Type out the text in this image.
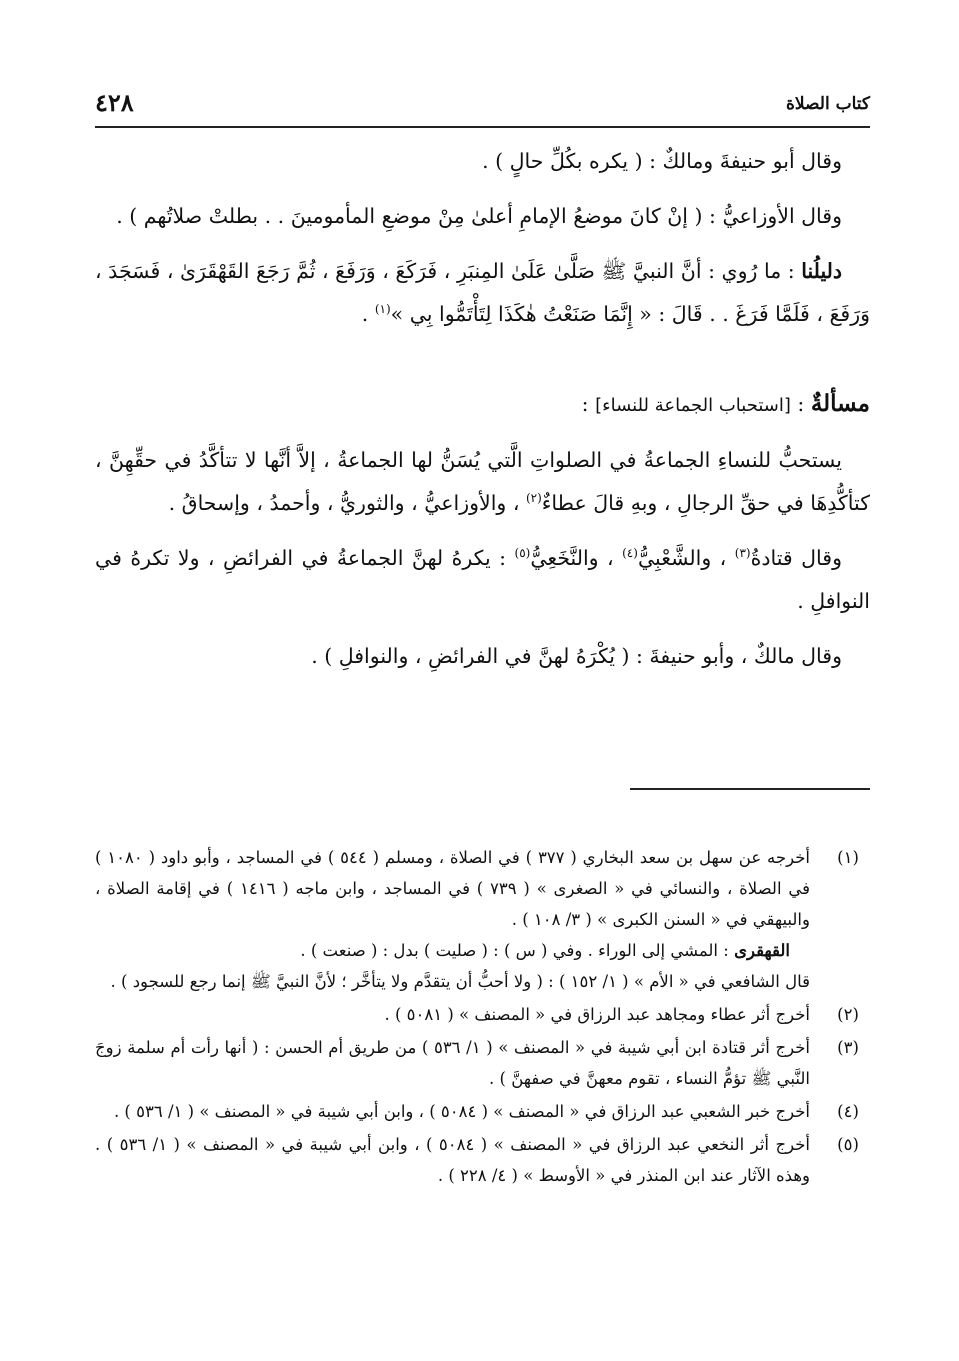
كتاب الصلاة
٤٢٨

وقال أبو حنيفةَ ومالكٌ : ( يكره بكُلِّ حالٍ ) .

وقال الأوزاعيُّ : ( إنْ كانَ موضعُ الإمامِ أعلىٰ مِنْ موضعِ المأمومينَ . . بطلتْ صلاتُهم ) .

دليلُنا : ما رُوي : أنَّ النبيَّ ﷺ صَلَّىٰ عَلَىٰ المِنبَرِ ، فَرَكَعَ ، وَرَفَعَ ، ثُمَّ رَجَعَ القَهْقَرَىٰ ، فَسَجَدَ ، وَرَفَعَ ، فَلَمَّا فَرَغَ . . قَالَ : « إِنَّمَا صَنَعْتُ هٰكَذَا لِتَأْتَمُّوا بِي »$^{(١)}$ .

مسألةٌ : [استحباب الجماعة للنساء] :

يستحبُّ للنساءِ الجماعةُ في الصلواتِ الَّتي يُسَنُّ لها الجماعةُ ، إلاَّ أنَّها لا تتأكَّدُ في حقِّهِنَّ ، كتأكُّدِهَا في حقِّ الرجالِ ، وبهِ قالَ عطاءٌ$^{(٢)}$ ، والأوزاعيُّ ، والثوريُّ ، وأحمدُ ، وإسحاقُ .

وقال قتادةُ$^{(٣)}$ ، والشَّعْبِيُّ$^{(٤)}$ ، والنَّخَعِيُّ$^{(٥)}$ : يكرهُ لهنَّ الجماعةُ في الفرائضِ ، ولا تكرهُ في النوافلِ .

وقال مالكٌ ، وأبو حنيفةَ : ( يُكْرَهُ لهنَّ في الفرائضِ ، والنوافلِ ) .

(١)
أخرجه عن سهل بن سعد البخاري ( ٣٧٧ ) في الصلاة ، ومسلم ( ٥٤٤ ) في المساجد ، وأبو داود ( ١٠٨٠ ) في الصلاة ، والنسائي في « الصغرى » ( ٧٣٩ ) في المساجد ، وابن ماجه ( ١٤١٦ ) في إقامة الصلاة ، والبيهقي في « السنن الكبرى » ( ٣/ ١٠٨ ) .
القهقرى : المشي إلى الوراء . وفي ( س ) : ( صليت ) بدل : ( صنعت ) .
قال الشافعي في « الأم » ( ١/ ١٥٢ ) : ( ولا أحبُّ أن يتقدَّم ولا يتأخَّر ؛ لأنَّ النبيَّ ﷺ إنما رجع للسجود ) .
(٢)
أخرج أثر عطاء ومجاهد عبد الرزاق في « المصنف » ( ٥٠٨١ ) .
(٣)
أخرج أثر قتادة ابن أبي شيبة في « المصنف » ( ١/ ٥٣٦ ) من طريق أم الحسن : ( أنها رأت أم سلمة زوجَ النَّبي ﷺ تؤمُّ النساء ، تقوم معهنَّ في صفهنَّ ) .
(٤)
أخرج خبر الشعبي عبد الرزاق في « المصنف » ( ٥٠٨٤ ) ، وابن أبي شيبة في « المصنف » ( ١/ ٥٣٦ ) .
(٥)
أخرج أثر النخعي عبد الرزاق في « المصنف » ( ٥٠٨٤ ) ، وابن أبي شيبة في « المصنف » ( ١/ ٥٣٦ ) . وهذه الآثار عند ابن المنذر في « الأوسط » ( ٤/ ٢٢٨ ) .
